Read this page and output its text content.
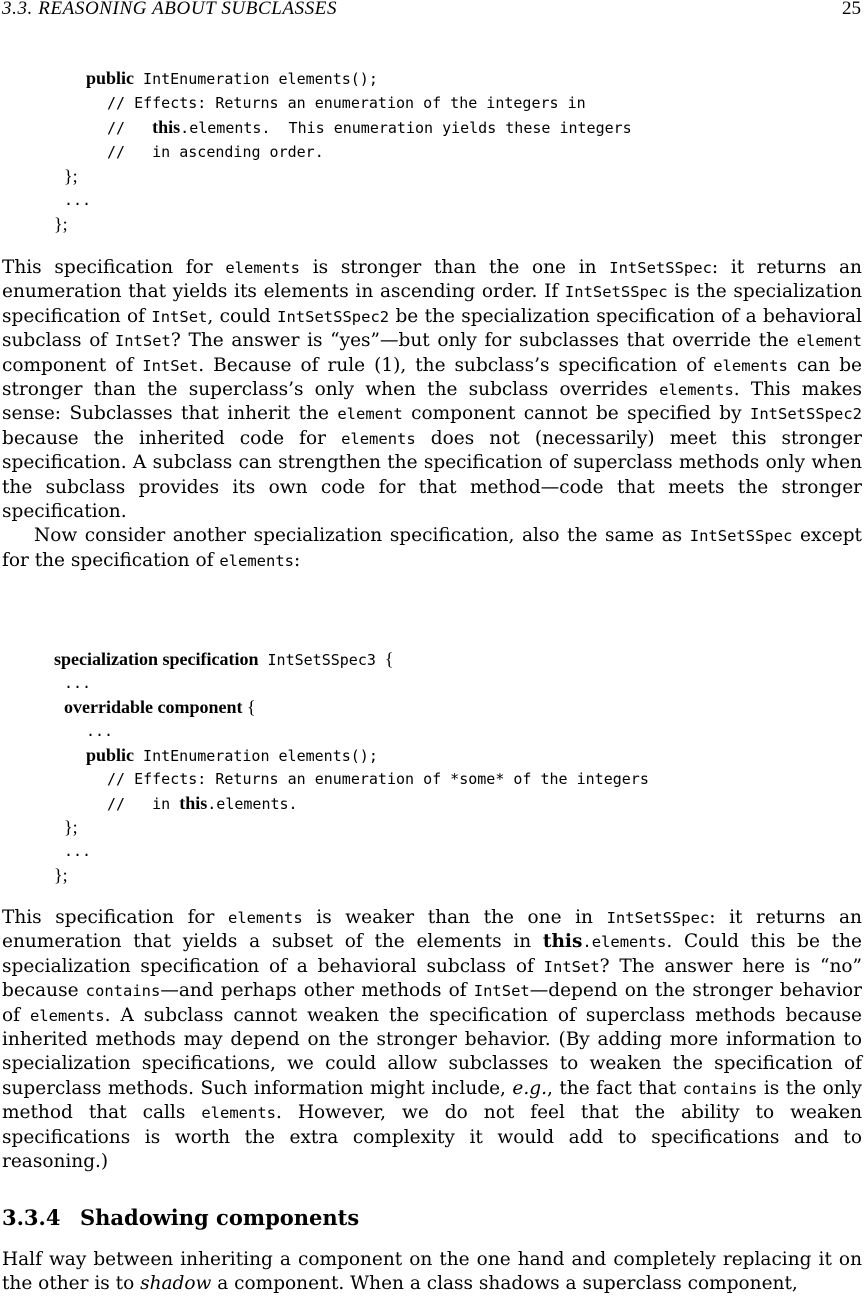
3.3. REASONING ABOUT SUBCLASSES	25
public IntEnumeration elements();
// Effects: Returns an enumeration of the integers in
//   this.elements.  This enumeration yields these integers
//   in ascending order.
};
...
};

This specification for elements is stronger than the one in IntSetSSpec: it returns an enumeration that yields its elements in ascending order. If IntSetSSpec is the specialization specification of IntSet, could IntSetSSpec2 be the specialization specification of a behavioral subclass of IntSet? The answer is “yes”—but only for subclasses that override the element component of IntSet. Because of rule (1), the subclass’s specification of elements can be stronger than the superclass’s only when the subclass overrides elements. This makes sense: Subclasses that inherit the element component cannot be specified by IntSetSSpec2 because the inherited code for elements does not (necessarily) meet this stronger specification. A subclass can strengthen the specification of superclass methods only when the subclass provides its own code for that method—code that meets the stronger specification.

Now consider another specialization specification, also the same as IntSetSSpec except for the specification of elements:

specialization specification IntSetSSpec3 {
...
overridable component {
...
public IntEnumeration elements();
// Effects: Returns an enumeration of *some* of the integers
//   in this.elements.
};
...
};

This specification for elements is weaker than the one in IntSetSSpec: it returns an enumeration that yields a subset of the elements in this.elements. Could this be the specialization specification of a behavioral subclass of IntSet? The answer here is “no” because contains—and perhaps other methods of IntSet—depend on the stronger behavior of elements. A subclass cannot weaken the specification of superclass methods because inherited methods may depend on the stronger behavior. (By adding more information to specialization specifications, we could allow subclasses to weaken the specification of superclass methods. Such information might include, e.g., the fact that contains is the only method that calls elements. However, we do not feel that the ability to weaken specifications is worth the extra complexity it would add to specifications and to reasoning.)

3.3.4 Shadowing components

Half way between inheriting a component on the one hand and completely replacing it on the other is to shadow a component. When a class shadows a superclass component,
